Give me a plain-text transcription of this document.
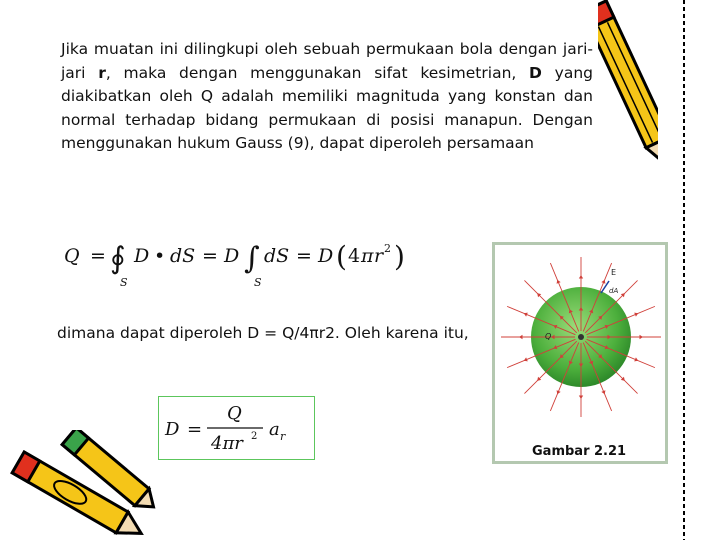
Jika muatan ini dilingkupi oleh sebuah permukaan bola dengan jari-jari r, maka dengan menggunakan sifat kesimetrian, D yang diakibatkan oleh Q adalah memiliki magnituda yang konstan dan normal terhadap bidang permukaan di posisi manapun. Dengan menggunakan hukum Gauss (9), dapat diperoleh persamaan

Q = ∮
S
D • dS = D ∫
S
dS = D ( 4 π r 2 )

dimana dapat diperoleh D = Q/4πr2. Oleh karena itu,

D =
Q
4πr 2 a r
Q
E
dA
Gambar 2.21
